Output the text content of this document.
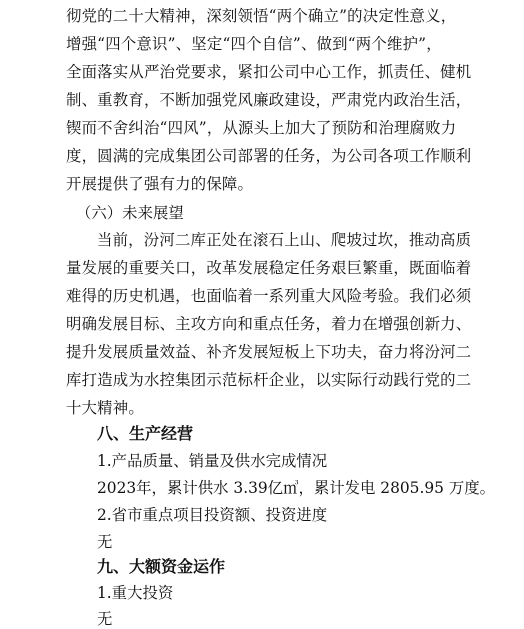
彻党的二十大精神，深刻领悟“两个确立”的决定性意义，
增强“四个意识”、坚定“四个自信”、做到“两个维护”，
全面落实从严治党要求，紧扣公司中心工作，抓责任、健机
制、重教育，不断加强党风廉政建设，严肃党内政治生活，
锲而不舍纠治“四风”，从源头上加大了预防和治理腐败力
度，圆满的完成集团公司部署的任务，为公司各项工作顺利
开展提供了强有力的保障。
（六）未来展望
当前，汾河二库正处在滚石上山、爬坡过坎，推动高质
量发展的重要关口，改革发展稳定任务艰巨繁重，既面临着
难得的历史机遇，也面临着一系列重大风险考验。我们必须
明确发展目标、主攻方向和重点任务，着力在增强创新力、
提升发展质量效益、补齐发展短板上下功夫，奋力将汾河二
库打造成为水控集团示范标杆企业，以实际行动践行党的二
十大精神。
八、生产经营
1.产品质量、销量及供水完成情况
2023年，累计供水 3.39亿㎥，累计发电 2805.95 万度。
2.省市重点项目投资额、投资进度
无
九、大额资金运作
1.重大投资
无
